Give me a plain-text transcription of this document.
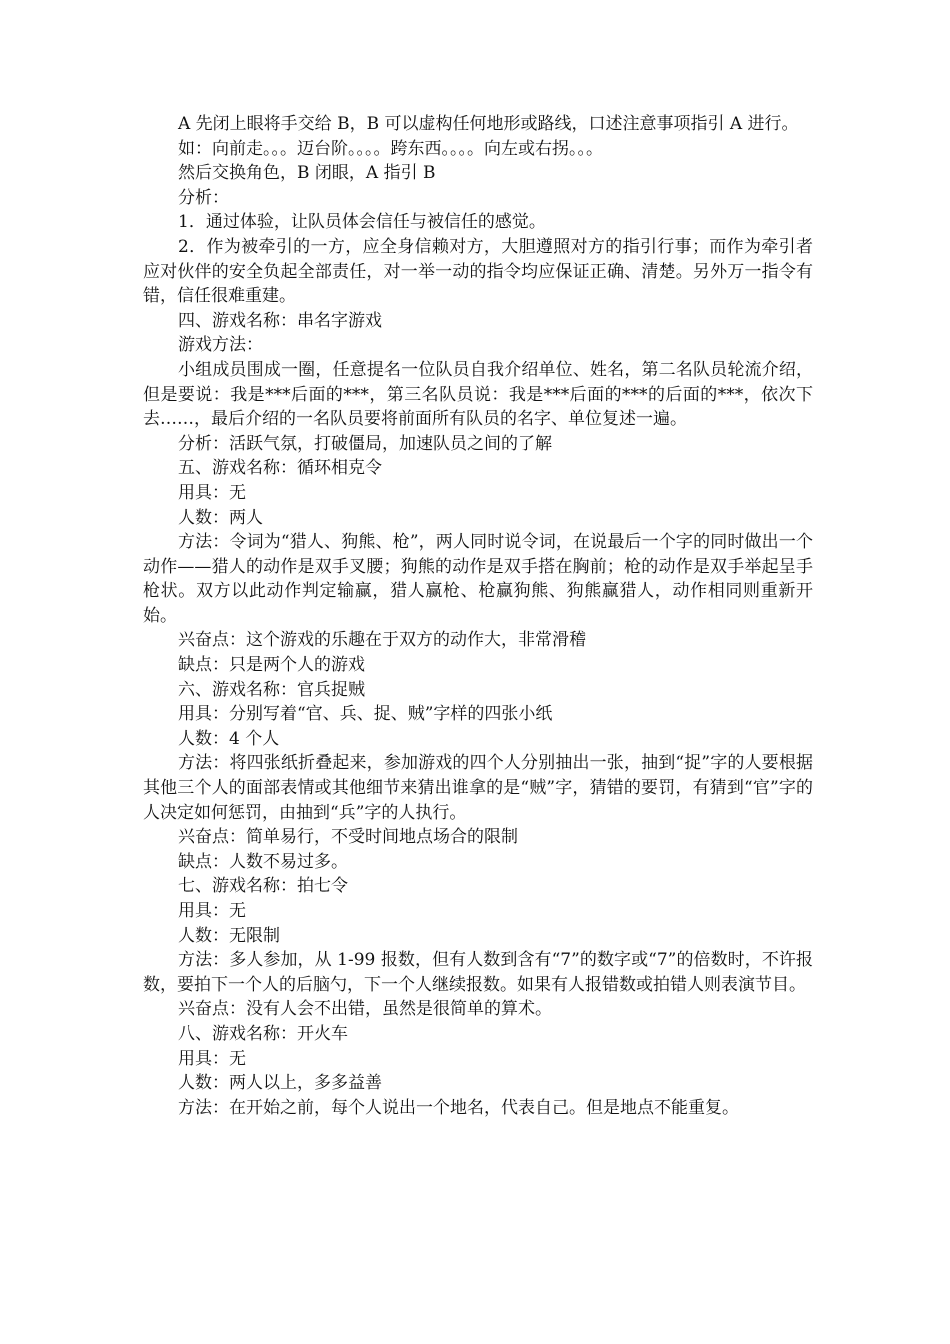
A 先闭上眼将手交给 B，B 可以虚构任何地形或路线，口述注意事项指引 A 进行。

如：向前走。。。迈台阶。。。。跨东西。。。。向左或右拐。。。

然后交换角色，B 闭眼，A 指引 B

分析：

1．通过体验，让队员体会信任与被信任的感觉。

2．作为被牵引的一方，应全身信赖对方，大胆遵照对方的指引行事；而作为牵引者应对伙伴的安全负起全部责任，对一举一动的指令均应保证正确、清楚。另外万一指令有错，信任很难重建。

四、游戏名称：串名字游戏

游戏方法：

小组成员围成一圈，任意提名一位队员自我介绍单位、姓名，第二名队员轮流介绍，但是要说：我是***后面的***，第三名队员说：我是***后面的***的后面的***，依次下去……，最后介绍的一名队员要将前面所有队员的名字、单位复述一遍。

分析：活跃气氛，打破僵局，加速队员之间的了解

五、游戏名称：循环相克令

用具：无

人数：两人

方法：令词为“猎人、狗熊、枪”，两人同时说令词，在说最后一个字的同时做出一个动作——猎人的动作是双手叉腰；狗熊的动作是双手搭在胸前；枪的动作是双手举起呈手枪状。双方以此动作判定输赢，猎人赢枪、枪赢狗熊、狗熊赢猎人，动作相同则重新开始。

兴奋点：这个游戏的乐趣在于双方的动作大，非常滑稽

缺点：只是两个人的游戏

六、游戏名称：官兵捉贼

用具：分别写着“官、兵、捉、贼”字样的四张小纸

人数：4 个人

方法：将四张纸折叠起来，参加游戏的四个人分别抽出一张，抽到“捉”字的人要根据其他三个人的面部表情或其他细节来猜出谁拿的是“贼”字，猜错的要罚，有猜到“官”字的人决定如何惩罚，由抽到“兵”字的人执行。

兴奋点：简单易行，不受时间地点场合的限制

缺点：人数不易过多。

七、游戏名称：拍七令

用具：无

人数：无限制

方法：多人参加，从 1-99 报数，但有人数到含有“7”的数字或“7”的倍数时，不许报数，要拍下一个人的后脑勺，下一个人继续报数。如果有人报错数或拍错人则表演节目。

兴奋点：没有人会不出错，虽然是很简单的算术。

八、游戏名称：开火车

用具：无

人数：两人以上，多多益善

方法：在开始之前，每个人说出一个地名，代表自己。但是地点不能重复。
